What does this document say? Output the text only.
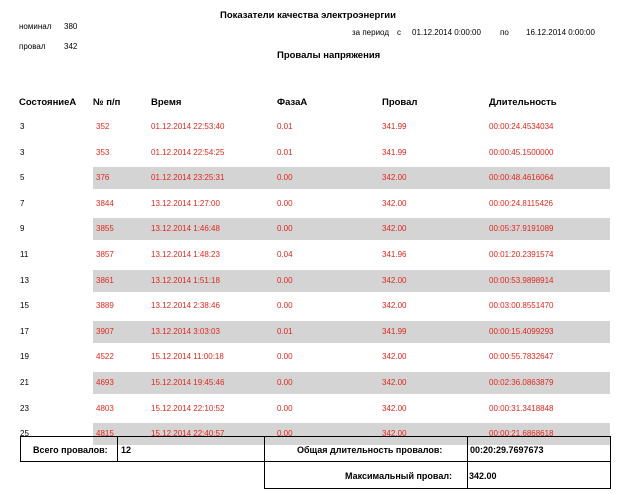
номинал 380
провал 342
Показатели качества электроэнергии
за период с 01.12.2014 0:00:00 по 16.12.2014 0:00:00
Провалы напряжения
СостояниеА № п/п	Время	ФазаА	Провал	Длительность
3	352	01.12.2014 22:53:40	0.01	341.99	00:00:24.4534034
3	353	01.12.2014 22:54:25	0.01	341.99	00:00:45.1500000
5	376	01.12.2014 23:25:31	0.00	342.00	00:00:48.4616064
7	3844	13.12.2014 1:27:00	0.00	342.00	00:00:24.8115426
9	3855	13.12.2014 1:46:48	0.00	342.00	00:05:37.9191089
11	3857	13.12.2014 1:48:23	0.04	341.96	00:01:20.2391574
13	3861	13.12.2014 1:51:18	0.00	342.00	00:00:53.9898914
15	3889	13.12.2014 2:38:46	0.00	342.00	00:03:00.8551470
17	3907	13.12.2014 3:03:03	0.01	341.99	00:00:15.4099293
19	4522	15.12.2014 11:00:18	0.00	342.00	00:00:55.7832647
21	4693	15.12.2014 19:45:46	0.00	342.00	00:02:36.0863879
23	4803	15.12.2014 22:10:52	0.00	342.00	00:00:31.3418848
25	4815	15.12.2014 22:40:57	0.00	342.00	00:00:21.6868618
Всего провалов: 12	Общая длительность провалов:	00:20:29.7697673
Максимальный провал: 342.00
